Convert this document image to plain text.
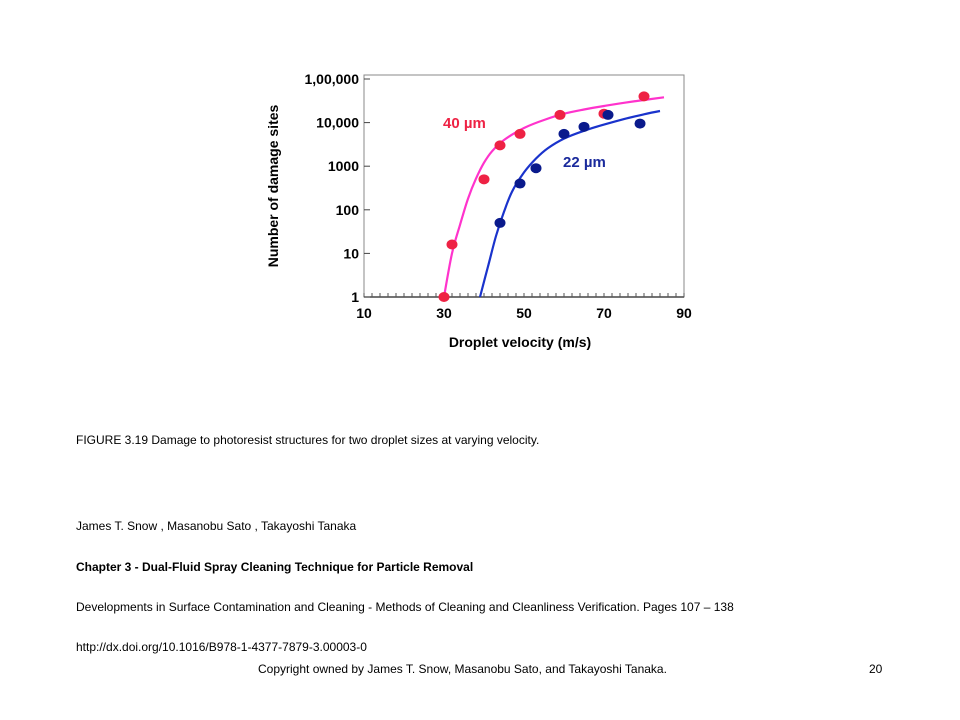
1
10
100
1000
10,000
1,00,000
10	30	50	70	90
40 µm
22 µm
Droplet velocity (m/s)
Number of damage sites
FIGURE 3.19 Damage to photoresist structures for two droplet sizes at varying velocity.
James T. Snow , Masanobu Sato , Takayoshi Tanaka
Chapter 3 - Dual-Fluid Spray Cleaning Technique for Particle Removal
Developments in Surface Contamination and Cleaning - Methods of Cleaning and Cleanliness Verification. Pages 107 – 138
http://dx.doi.org/10.1016/B978-1-4377-7879-3.00003-0
Copyright owned by James T. Snow, Masanobu Sato, and Takayoshi Tanaka.	20
